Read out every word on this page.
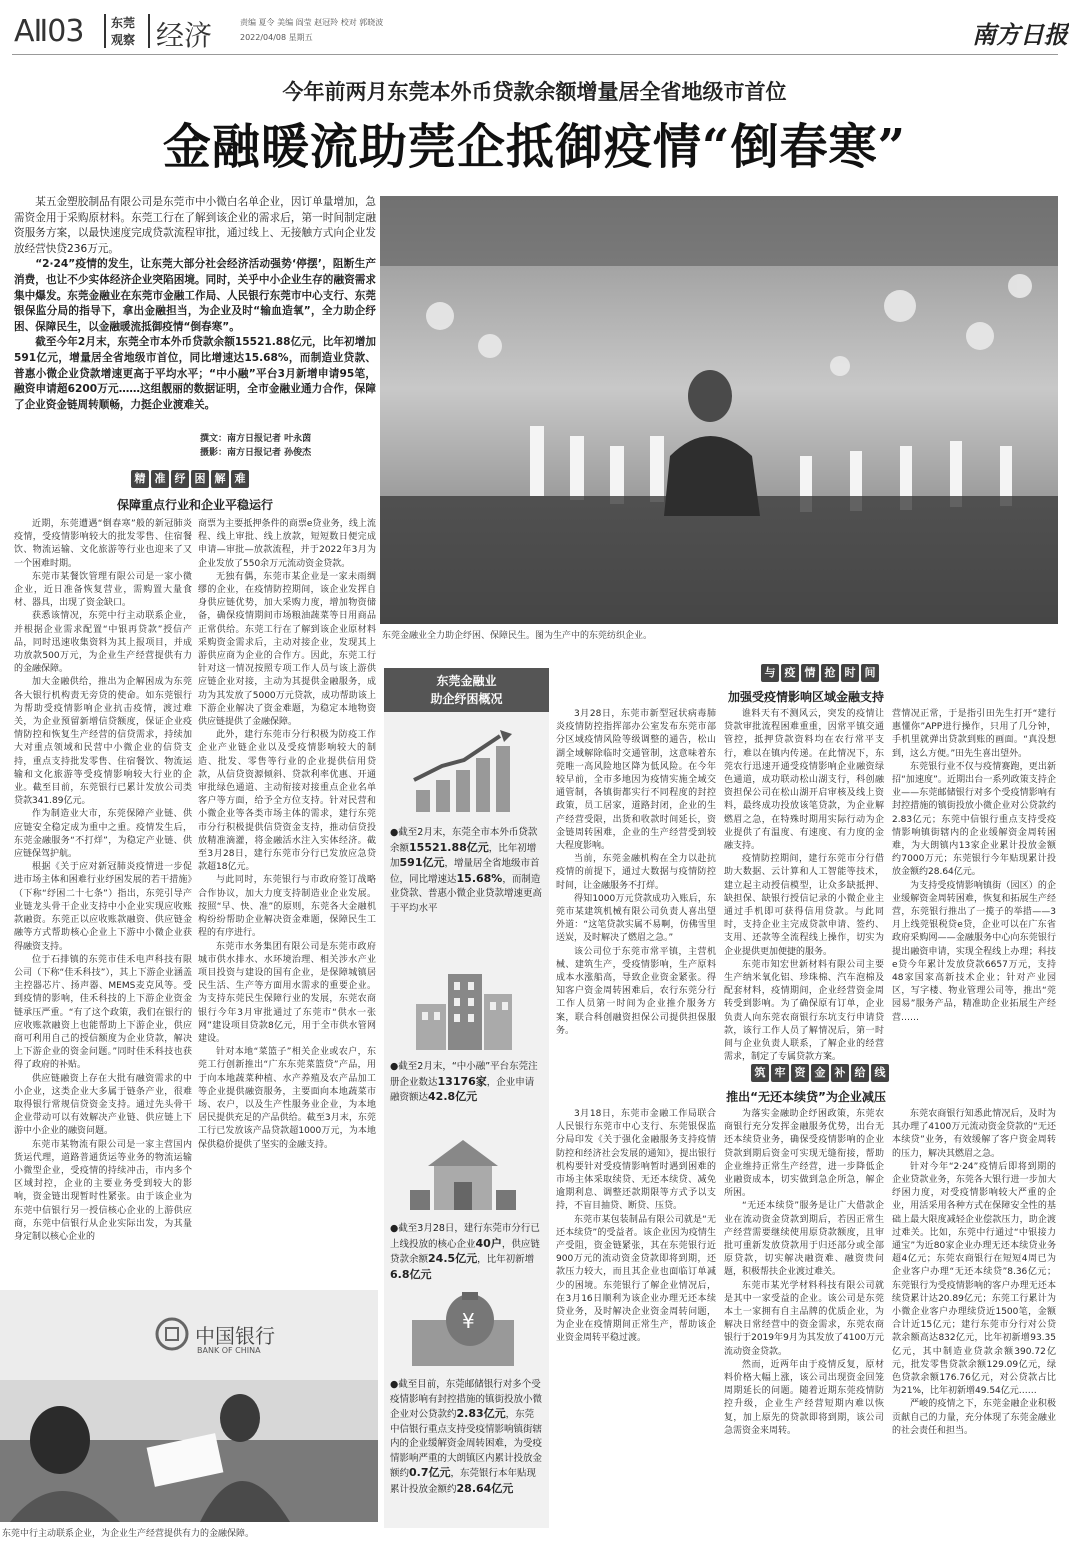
AⅡ03 东莞
观察 经济	责编 夏令 美编 阎莹 赵冠羚 校对 郭晓波
2022/04/08 星期五	南方日报
今年前两月东莞本外币贷款余额增量居全省地级市首位
金融暖流助莞企抵御疫情“倒春寒”

某五金塑胶制品有限公司是东莞市中小微白名单企业，因订单量增加，急需资金用于采购原材料。东莞工行在了解到该企业的需求后，第一时间制定融资服务方案，以最快速度完成贷款流程审批，通过线上、无接触方式向企业发放经营快贷236万元。

“2·24”疫情的发生，让东莞大部分社会经济活动强势‘停摆’，阻断生产消费，也让不少实体经济企业突陷困境。同时，关乎中小企业生存的融资需求集中爆发。东莞金融业在东莞市金融工作局、人民银行东莞市中心支行、东莞银保监分局的指导下，拿出金融担当，为企业及时“输血造氧”，全力助企纾困、保障民生，以金融暖流抵御疫情“倒春寒”。

截至今年2月末，东莞全市本外币贷款余额15521.88亿元，比年初增加591亿元，增量居全省地级市首位，同比增速达15.68%，而制造业贷款、普惠小微企业贷款增速更高于平均水平；“中小融”平台3月新增申请95笔，融资申请超6200万元……这组靓丽的数据证明，全市金融业通力合作，保障了企业资金链周转顺畅，力挺企业渡难关。

撰文：南方日报记者 叶永茵
摄影：南方日报记者 孙俊杰
东莞金融业全力助企纾困、保障民生。图为生产中的东莞纺织企业。
精 准 纾 困 解 难
保障重点行业和企业平稳运行

近期，东莞遭遇“倒春寒”般的新冠肺炎疫情，受疫情影响较大的批发零售、住宿餐饮、物流运输、文化旅游等行业也迎来了又一个困难时期。

东莞市某餐饮管理有限公司是一家小微企业，近日准备恢复营业，需购置大量食材、器具，出现了资金缺口。

获悉该情况，东莞中行主动联系企业，并根据企业需求配置“中银再贷款”授信产品，同时迅速收集资料为其上报项目，并成功放款500万元，为企业生产经营提供有力的金融保障。

加大金融供给，推出为企解困成为东莞各大银行机构责无旁贷的使命。如东莞银行为帮助受疫情影响企业抗击疫情，渡过难关，为企业预留新增信贷额度，保证企业疫情防控和恢复生产经营的信贷需求，持续加大对重点领域和民营中小微企业的信贷支持，重点支持批发零售、住宿餐饮、物流运输和文化旅游等受疫情影响较大行业的企业。截至目前，东莞银行已累计发放公司类贷款341.89亿元。

作为制造业大市，东莞保障产业链、供应链安全稳定成为重中之重。疫情发生后，东莞金融服务“不打烊”，为稳定产业链、供应链保驾护航。

根据《关于应对新冠肺炎疫情进一步促进市场主体和困难行业纾困发展的若干措施》（下称“纾困二十七条”）指出，东莞引导产业链龙头骨干企业支持中小企业实现应收账款融资。东莞正以应收账款融资、供应链金融等方式帮助核心企业上下游中小微企业获得融资支持。

位于石排镇的东莞市佳禾电声科技有限公司（下称“佳禾科技”），其上下游企业涵盖主控器芯片、扬声器、MEMS麦克风等。受到疫情的影响，佳禾科技的上下游企业资金链承压严重。“有了这个政策，我们在银行的应收账款融资上也能帮助上下游企业，供应商可利用自己的授信额度为企业贷款，解决上下游企业的资金问题。”同时佳禾科技也获得了政府的补贴。

供应链融资上存在大批有融资需求的中小企业，这类企业大多属于链条产业，很难取得银行常规信贷资金支持。通过先头骨干企业带动可以有效解决产业链、供应链上下游中小企业的融资问题。

东莞市某物流有限公司是一家主营国内货运代理，道路普通货运等业务的物流运输小微型企业，受疫情的持续冲击，市内多个区域封控，企业的主要业务受到较大的影响，资金链出现暂时性紧张。由于该企业为东莞中信银行另一授信核心企业的上游供应商，东莞中信银行从企业实际出发，为其量身定制以核心企业的

商票为主要抵押条件的商票e贷业务，线上流程、线上审批、线上放款，短短数日便完成申请—审批—放款流程，并于2022年3月为企业发放了550余万元流动资金贷款。

无独有偶，东莞市某企业是一家未雨绸缪的企业，在疫情防控期间，该企业发挥自身供应链优势，加大采购力度，增加物资储备，确保疫情期间市场粮油蔬菜等日用商品正常供给。东莞工行在了解到该企业原材料采购资金需求后，主动对接企业，发现其上游供应商为企业的合作方。因此，东莞工行针对这一情况按照专项工作人员与该上游供应链企业对接，主动为其提供金融服务，成功为其发放了5000万元贷款，成功帮助该上下游企业解决了资金难题，为稳定本地物资供应链提供了金融保障。

此外，建行东莞市分行积极为防疫工作企业产业链企业以及受疫情影响较大的制造、批发、零售等行业的企业提供信用贷款，从信贷资源倾斜、贷款利率优惠、开通审批绿色通道、主动衔接对接重点企业名单客户等方面，给予全方位支持。针对民营和小微企业等各类市场主体的需求，建行东莞市分行积极提供信贷资金支持，推动信贷投放精准滴灌，将金融活水注入实体经济。截至3月28日，建行东莞市分行已发放应急贷款超18亿元。

与此同时，东莞银行与市政府签订战略合作协议，加大力度支持制造业企业发展。按照“早、快、准”的原则，东莞各大金融机构纷纷帮助企业解决资金难题，保障民生工程的有序进行。

东莞市水务集团有限公司是东莞市政府城市供水排水、水环境治理、相关涉水产业项目投资与建设的国有企业，是保障城镇居民生活、生产等方面用水需求的重要企业。为支持东莞民生保障行业的发展，东莞农商银行今年3月审批通过了东莞市“供水一张网”建设项目贷款8亿元，用于全市供水管网建设。

针对本地“菜篮子”相关企业或农户，东莞工行创新推出“广东东莞菜篮贷”产品，用于向本地蔬菜种植、水产养殖及农产品加工等企业提供融资服务，主要面向本地蔬菜市场、农户，以及生产性服务业企业，为本地居民提供充足的产品供给。截至3月末，东莞工行已发放该产品贷款超1000万元，为本地保供稳价提供了坚实的金融支持。

中国银行
BANK OF CHINA
东莞中行主动联系企业，为企业生产经营提供有力的金融保障。
东莞金融业
助企纾困概况
●截至2月末，东莞全市本外币贷款余额15521.88亿元，比年初增加591亿元，增量居全省地级市首位，同比增速达15.68%，而制造业贷款、普惠小微企业贷款增速更高于平均水平
●截至2月末，“中小融”平台东莞注册企业数达13176家，企业申请融资额达42.8亿元
●截至3月28日，建行东莞市分行已上线投放的核心企业40户，供应链贷款余额24.5亿元，比年初新增6.8亿元
¥
●截至目前，东莞邮储银行对多个受疫情影响有封控措施的镇街投放小微企业对公贷款约2.83亿元，东莞中信银行重点支持受疫情影响镇街辖内的企业缓解资金周转困难，为受疫情影响严重的大朗镇区内累计投放金额约0.7亿元，东莞银行本年贴现累计投放金额约28.64亿元
与 疫 情 抢 时 间
加强受疫情影响区域金融支持

3月28日，东莞市新型冠状病毒肺炎疫情防控指挥部办公室发布东莞市部分区域疫情风险等级调整的通告，松山湖全域解除临时交通管制，这意味着东莞唯一高风险地区降为低风险。在今年较早前，全市多地因为疫情实施全域交通管制，各镇街都实行不同程度的封控政策，员工居家，道路封闭，企业的生产经营受限，出货和收款时间延长，资金链周转困难，企业的生产经营受到较大程度影响。

当前，东莞金融机构在全力以赴抗疫情的前提下，通过大数据与疫情防控时间，让金融服务不打烊。

得知1000万元贷款成功入账后，东莞市某建筑机械有限公司负责人喜出望外道：“这笔贷款实属不易啊，仿佛雪里送炭，及时解决了燃眉之急。”

该公司位于东莞市常平镇，主营机械、建筑生产，受疫情影响，生产原料成本水涨船高，导致企业资金紧张。得知客户资金周转困难后，农行东莞分行工作人员第一时间为企业推介服务方案，联合科创融资担保公司提供担保服务。

谁料天有不测风云，突发的疫情让贷款审批流程困难重重，因常平镇交通管控，抵押贷款资料均在农行常平支行，难以在镇内传递。在此情况下，东莞农行迅速开通受疫情影响企业融资绿色通道，成功联动松山湖支行，科创融资担保公司在松山湖开启审核及线上资料，最终成功投放该笔贷款，为企业解燃眉之急，在特殊时期用实际行动为企业提供了有温度、有速度、有力度的金融支持。

疫情防控期间，建行东莞市分行借助大数据、云计算和人工智能等技术，建立起主动授信模型，让众多缺抵押、缺担保、缺银行授信记录的小微企业主通过手机即可获得信用贷款。与此同时，支持企业主完成贷款申请、签约、支用、还款等全流程线上操作，切实为企业提供更加便捷的服务。

东莞市知宏世新材料有限公司主要生产纳米氧化铝、珍珠棉、汽车泡棉及配套材料，疫情期间，企业经营资金周转受到影响。为了确保原有订单，企业负责人向东莞农商银行东坑支行申请贷款，该行工作人员了解情况后，第一时间与企业负责人联系，了解企业的经营需求，制定了专属贷款方案。

营情况正常，于是指引田先生打开“建行惠懂你”APP进行操作，只用了几分钟，手机里就弹出贷款到账的画面。“真没想到，这么方便。”田先生喜出望外。

东莞银行业不仅与疫情赛跑，更出新招“加速度”。近期出台一系列政策支持企业——东莞邮储银行对多个受疫情影响有封控措施的镇街投放小微企业对公贷款约2.83亿元；东莞中信银行重点支持受疫情影响镇街辖内的企业缓解资金周转困难，为大朗镇内13家企业累计投放金额约7000万元；东莞银行今年贴现累计投放金额约28.64亿元。

为支持受疫情影响镇街（园区）的企业缓解资金周转困难，恢复和拓展生产经营，东莞银行推出了一揽子的举措——3月上线莞银税贷e贷，企业可以在广东省政府采购网——金融服务中心向东莞银行提出融资申请，实现全程线上办理；科技e贷今年累计发放贷款6657万元，支持48家国家高新技术企业；针对产业园区，写字楼、物业管理公司等，推出“莞园易”服务产品，精准助企业拓展生产经营……

筑 牢 资 金 补 给 线
推出“无还本续贷”为企业减压

3月18日，东莞市金融工作局联合人民银行东莞市中心支行、东莞银保监分局印发《关于强化金融服务支持疫情防控和经济社会发展的通知》，提出银行机构要针对受疫情影响暂时遇到困难的市场主体采取续贷、无还本续贷、减免逾期利息、调整还款期限等方式予以支持，不盲目抽贷、断贷、压贷。

东莞市某包装制品有限公司就是“无还本续贷”的受益者。该企业因为疫情生产受阻，资金链紧张，其在东莞银行近900万元的流动资金贷款即将到期，还款压力较大，而且其企业也面临订单减少的困境。东莞银行了解企业情况后，在3月16日顺利为该企业办理无还本续贷业务，及时解决企业资金周转问题，为企业在疫情期间正常生产，帮助该企业资金周转平稳过渡。

为落实金融助企纾困政策，东莞农商银行充分发挥金融服务优势，出台无还本续贷业务，确保受疫情影响的企业贷款到期后资金可实现无缝衔接，帮助企业维持正常生产经营，进一步降低企业融资成本，切实做到急企所急，解企所困。

“无还本续贷”服务是让广大借款企业在流动资金贷款到期后，若因正常生产经营需要继续使用原贷款额度，且审批可重新发放贷款用于归还部分或全部原贷款，切实解决融资难、融资贵问题，积极帮扶企业渡过难关。

东莞市某光学材料科技有限公司就是其中一家受益的企业。该公司是东莞本土一家拥有自主品牌的优质企业，为解决日常经营中的资金需求，东莞农商银行于2019年9月为其发放了4100万元流动资金贷款。

然而，近两年由于疫情反复，原材料价格大幅上涨，该公司出现资金回笼周期延长的问题。随着近期东莞疫情防控升级，企业生产经营短期内难以恢复，加上原先的贷款即将到期，该公司急需资金来周转。

东莞农商银行知悉此情况后，及时为其办理了4100万元流动资金贷款的“无还本续贷”业务，有效缓解了客户资金周转的压力，解决其燃眉之急。

针对今年“2·24”疫情后即将到期的企业贷款业务，东莞各大银行进一步加大纾困力度，对受疫情影响较大严重的企业，用活采用各种方式在保障安全性的基础上最大限度减轻企业偿款压力，助企渡过难关。比如，东莞中行通过“中银接力通宝”为近80家企业办理无还本续贷业务超4亿元；东莞农商银行在短短4周已为企业客户办理“无还本续贷”8.36亿元；东莞银行为受疫情影响的客户办理无还本续贷累计达20.89亿元；东莞工行累计为小微企业客户办理续贷近1500笔，金额合计近15亿元；建行东莞市分行对公贷款余额高达832亿元，比年初新增93.35亿元，其中制造业贷款余额390.72亿元，批发零售贷款余额129.09亿元，绿色贷款余额176.76亿元，对公贷款占比为21%，比年初新增49.54亿元……

严峻的疫情之下，东莞金融企业积极贡献自己的力量，充分体现了东莞金融业的社会责任和担当。
